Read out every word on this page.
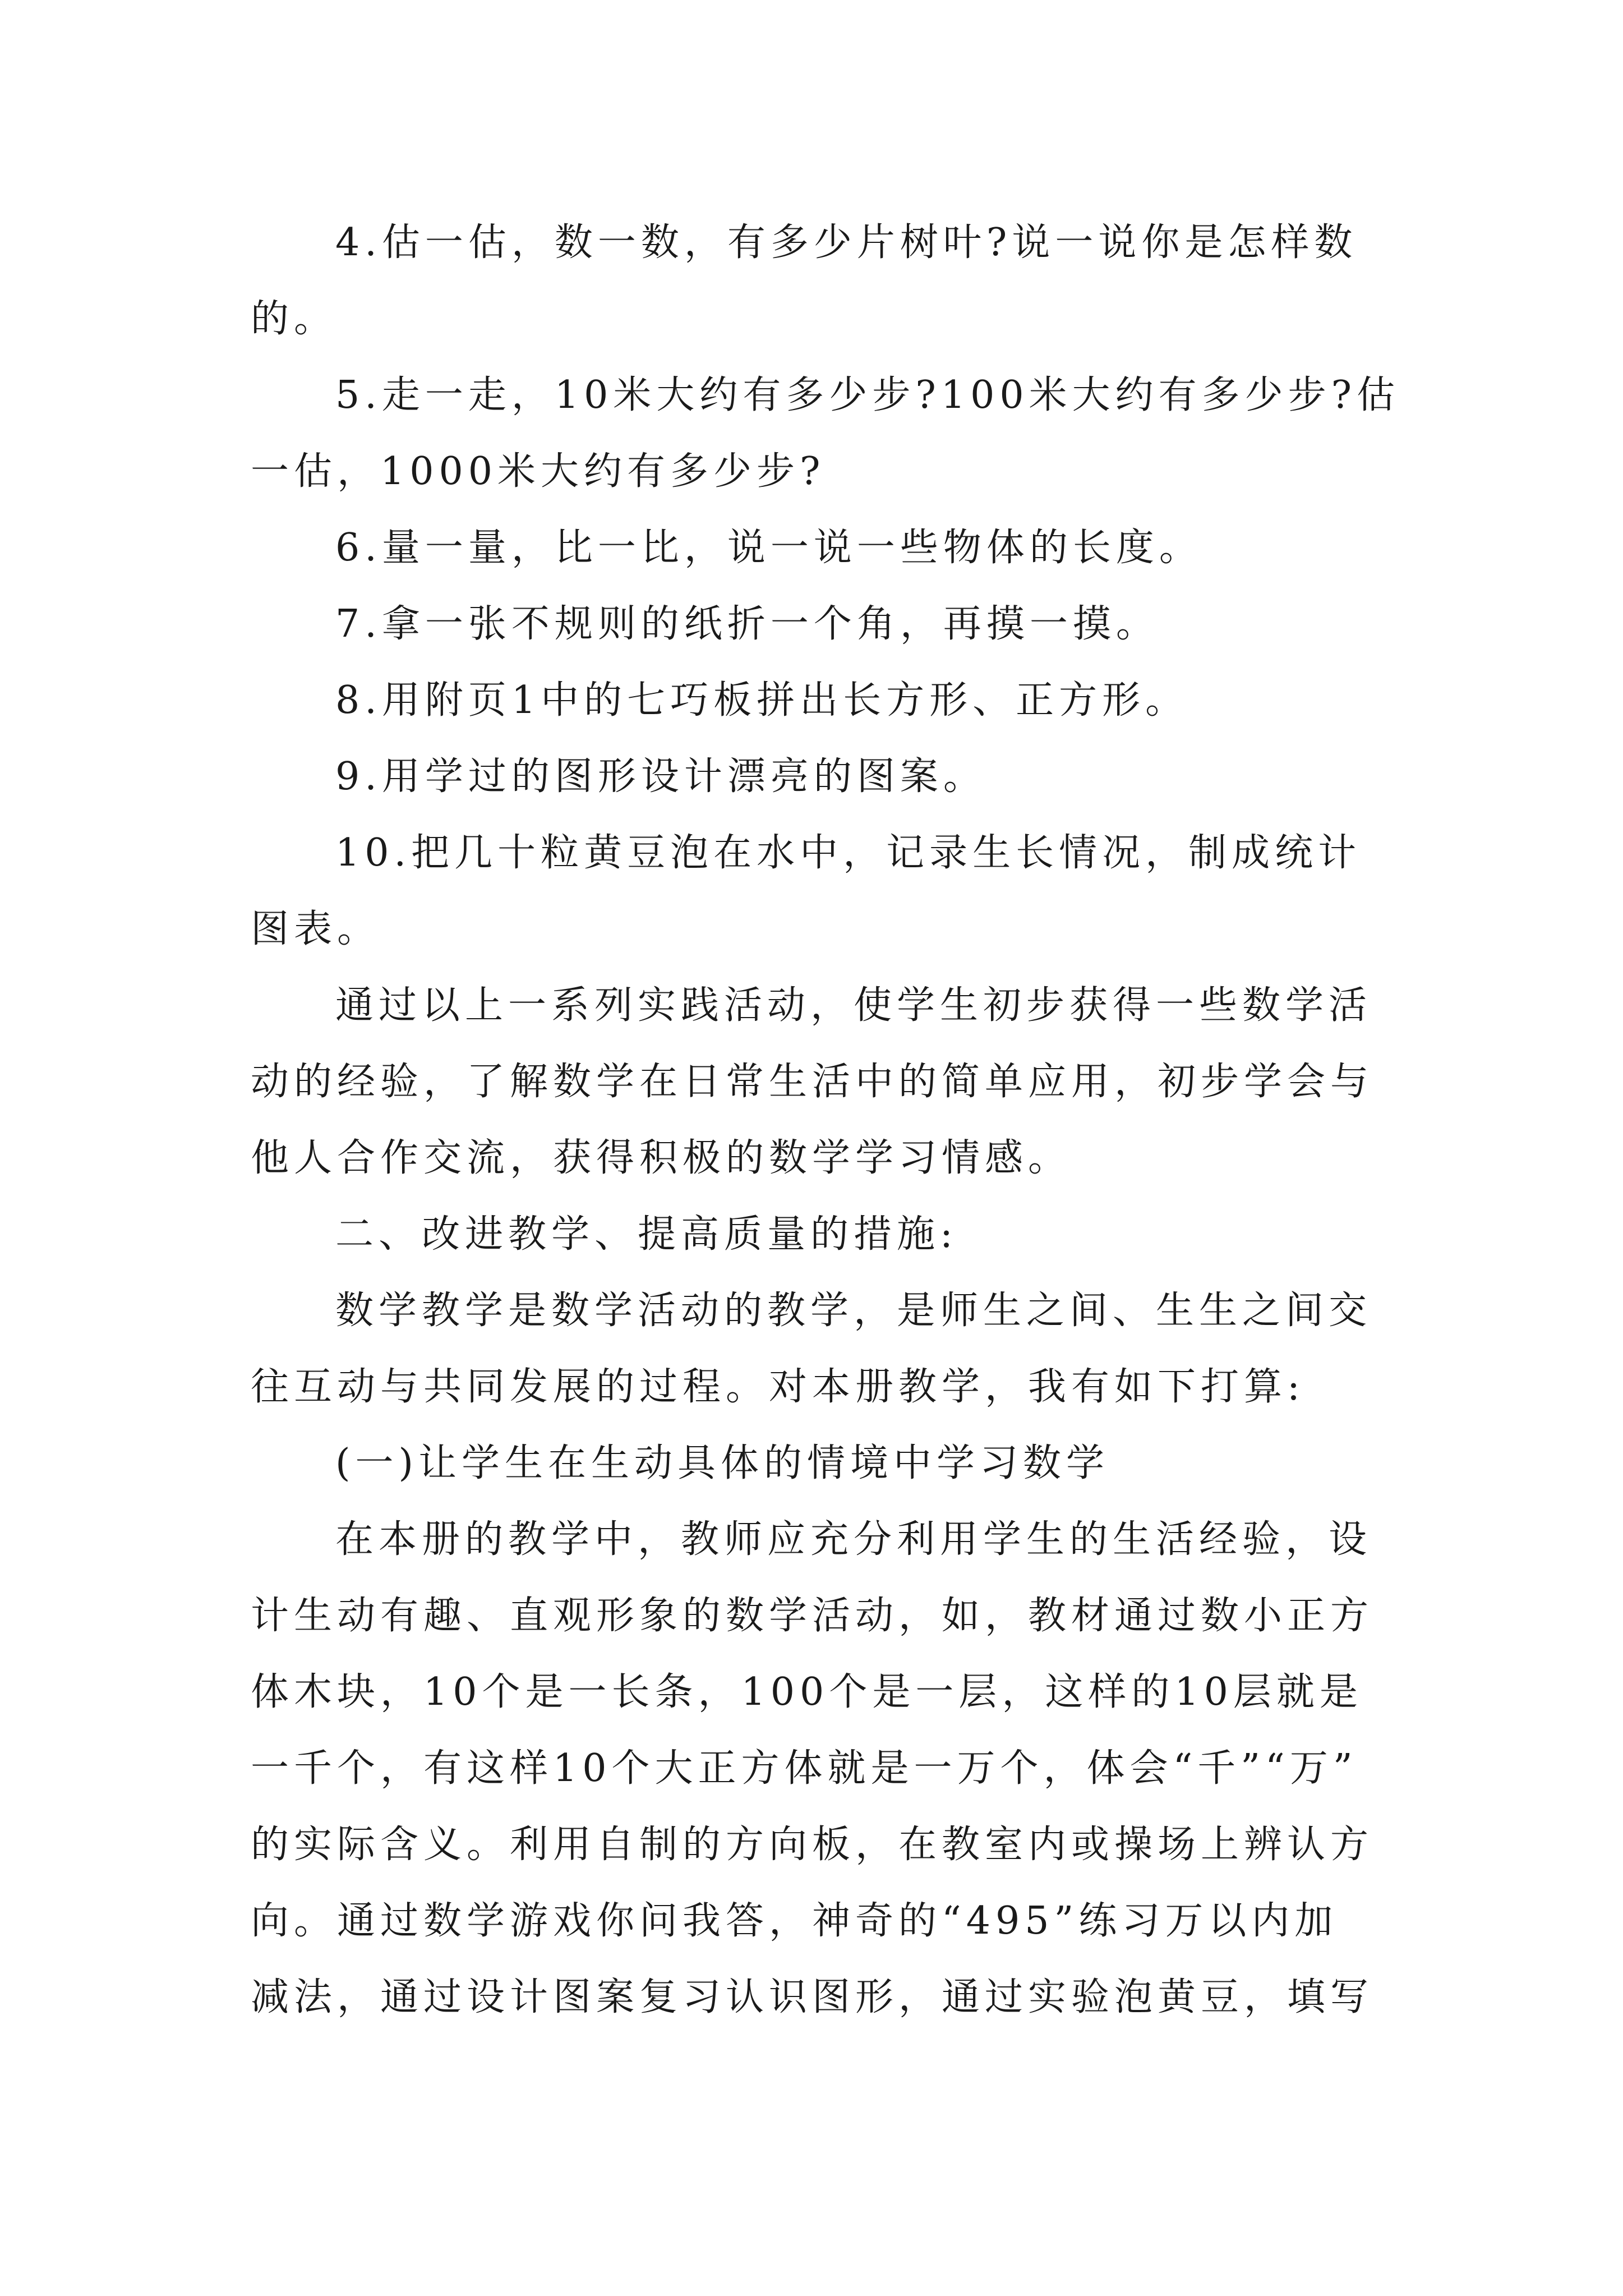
4.估一估，数一数，有多少片树叶?说一说你是怎样数
的。
5.走一走，10米大约有多少步?100米大约有多少步?估
一估，1000米大约有多少步?
6.量一量，比一比，说一说一些物体的长度。
7.拿一张不规则的纸折一个角，再摸一摸。
8.用附页1中的七巧板拼出长方形、正方形。
9.用学过的图形设计漂亮的图案。
10.把几十粒黄豆泡在水中，记录生长情况，制成统计
图表。
通过以上一系列实践活动，使学生初步获得一些数学活
动的经验，了解数学在日常生活中的简单应用，初步学会与
他人合作交流，获得积极的数学学习情感。
二、改进教学、提高质量的措施:
数学教学是数学活动的教学，是师生之间、生生之间交
往互动与共同发展的过程。对本册教学，我有如下打算:
(一)让学生在生动具体的情境中学习数学
在本册的教学中，教师应充分利用学生的生活经验，设
计生动有趣、直观形象的数学活动，如，教材通过数小正方
体木块，10个是一长条，100个是一层，这样的10层就是
一千个，有这样10个大正方体就是一万个，体会“千”“万”
的实际含义。利用自制的方向板，在教室内或操场上辨认方
向。通过数学游戏你问我答，神奇的“495”练习万以内加
减法，通过设计图案复习认识图形，通过实验泡黄豆，填写
